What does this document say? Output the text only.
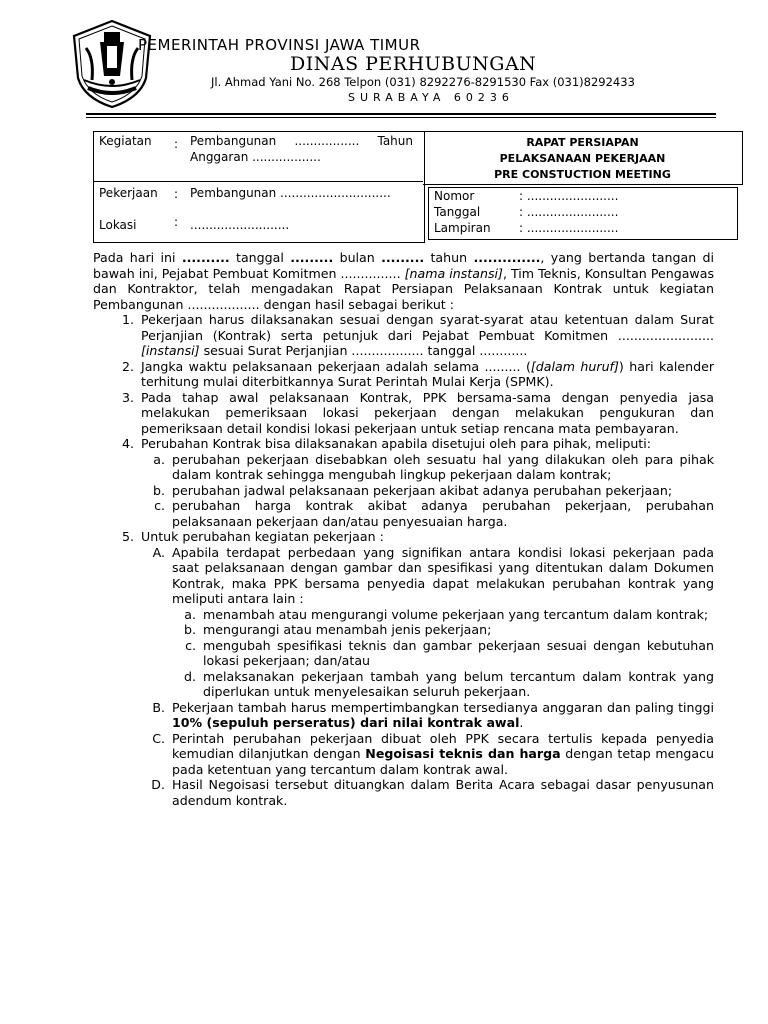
PEMERINTAH PROVINSI JAWA TIMUR
DINAS PERHUBUNGAN
Jl. Ahmad Yani No. 268 Telpon (031) 8292276-8291530 Fax (031)8292433
SURABAYA 60236
Kegiatan : Pembangunan ................. Tahun
Anggaran ..................
Pekerjaan : Pembangunan .............................
Lokasi	: ..........................
RAPAT PERSIAPAN
PELAKSANAAN PEKERJAAN
PRE CONSTUCTION MEETING
Nomor
Tanggal
Lampiran
: ........................
: ........................
: ........................

Pada hari ini .......... tanggal ......... bulan ......... tahun .............., yang bertanda tangan di bawah ini, Pejabat Pembuat Komitmen ............... [nama instansi], Tim Teknis, Konsultan Pengawas dan Kontraktor, telah mengadakan Rapat Persiapan Pelaksanaan Kontrak untuk kegiatan Pembangunan .................. dengan hasil sebagai berikut :

1. Pekerjaan harus dilaksanakan sesuai dengan syarat-syarat atau ketentuan dalam Surat Perjanjian (Kontrak) serta petunjuk dari Pejabat Pembuat Komitmen ........................ [instansi] sesuai Surat Perjanjian .................. tanggal ............
2. Jangka waktu pelaksanaan pekerjaan adalah selama ......... ([dalam huruf]) hari kalender terhitung mulai diterbitkannya Surat Perintah Mulai Kerja (SPMK).
3. Pada tahap awal pelaksanaan Kontrak, PPK bersama-sama dengan penyedia jasa melakukan pemeriksaan lokasi pekerjaan dengan melakukan pengukuran dan pemeriksaan detail kondisi lokasi pekerjaan untuk setiap rencana mata pembayaran.
4. Perubahan Kontrak bisa dilaksanakan apabila disetujui oleh para pihak, meliputi:
a. perubahan pekerjaan disebabkan oleh sesuatu hal yang dilakukan oleh para pihak dalam kontrak sehingga mengubah lingkup pekerjaan dalam kontrak;
b. perubahan jadwal pelaksanaan pekerjaan akibat adanya perubahan pekerjaan;
c. perubahan harga kontrak akibat adanya perubahan pekerjaan, perubahan pelaksanaan pekerjaan dan/atau penyesuaian harga.
5. Untuk perubahan kegiatan pekerjaan :
A. Apabila terdapat perbedaan yang signifikan antara kondisi lokasi pekerjaan pada saat pelaksanaan dengan gambar dan spesifikasi yang ditentukan dalam Dokumen Kontrak, maka PPK bersama penyedia dapat melakukan perubahan kontrak yang meliputi antara lain :
a. menambah atau mengurangi volume pekerjaan yang tercantum dalam kontrak;
b. mengurangi atau menambah jenis pekerjaan;
c. mengubah spesifikasi teknis dan gambar pekerjaan sesuai dengan kebutuhan lokasi pekerjaan; dan/atau
d. melaksanakan pekerjaan tambah yang belum tercantum dalam kontrak yang diperlukan untuk menyelesaikan seluruh pekerjaan.
B. Pekerjaan tambah harus mempertimbangkan tersedianya anggaran dan paling tinggi 10% (sepuluh perseratus) dari nilai kontrak awal.
C. Perintah perubahan pekerjaan dibuat oleh PPK secara tertulis kepada penyedia kemudian dilanjutkan dengan Negoisasi teknis dan harga dengan tetap mengacu pada ketentuan yang tercantum dalam kontrak awal.
D. Hasil Negoisasi tersebut dituangkan dalam Berita Acara sebagai dasar penyusunan adendum kontrak.
